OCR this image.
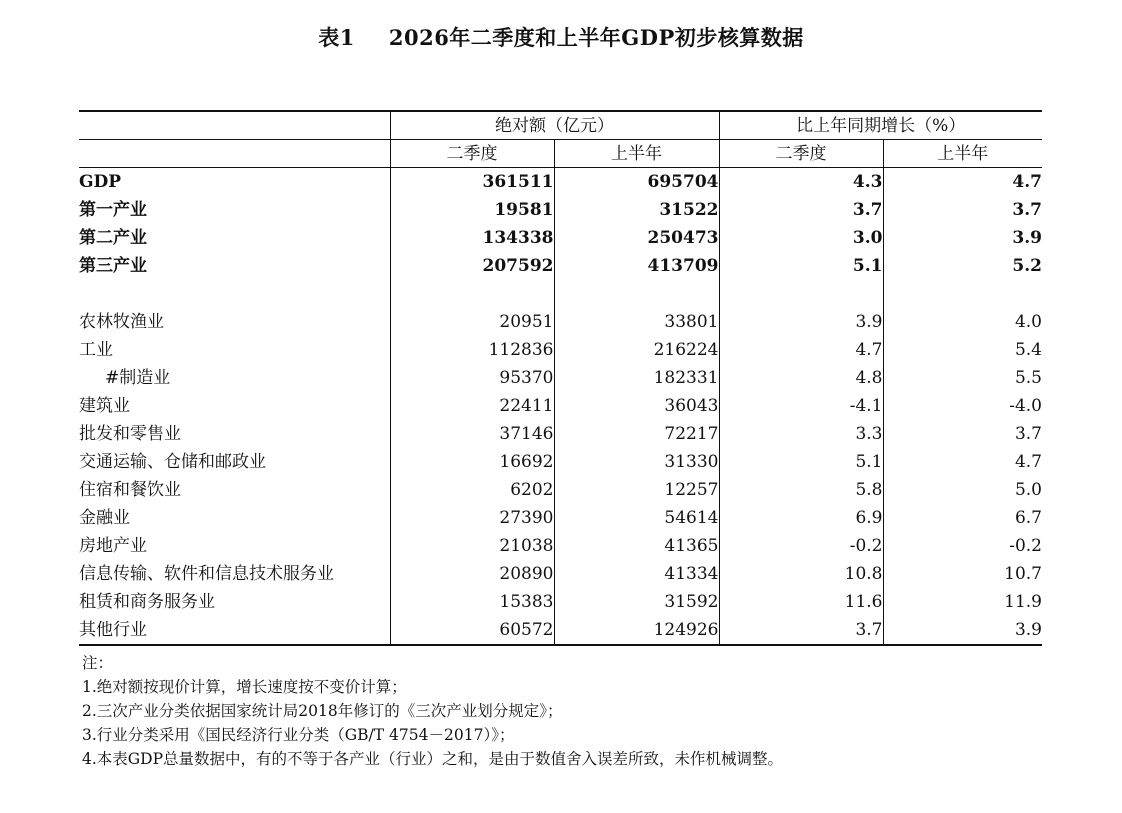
表1 2026年二季度和上半年GDP初步核算数据
	绝对额（亿元）		比上年同期增长（%）	
	二季度	上半年	二季度	上半年
GDP	361511	695704	4.3	4.7
第一产业	19581	31522	3.7	3.7
第二产业	134338	250473	3.0	3.9
第三产业	207592	413709	5.1	5.2

农林牧渔业	20951	33801	3.9	4.0
工业	112836	216224	4.7	5.4
#制造业	95370	182331	4.8	5.5
建筑业	22411	36043	-4.1	-4.0
批发和零售业	37146	72217	3.3	3.7
交通运输、仓储和邮政业	16692	31330	5.1	4.7
住宿和餐饮业	6202	12257	5.8	5.0
金融业	27390	54614	6.9	6.7
房地产业	21038	41365	-0.2	-0.2
信息传输、软件和信息技术服务业	20890	41334	10.8	10.7
租赁和商务服务业	15383	31592	11.6	11.9
其他行业	60572	124926	3.7	3.9
注：
1.绝对额按现价计算，增长速度按不变价计算；
2.三次产业分类依据国家统计局2018年修订的《三次产业划分规定》；
3.行业分类采用《国民经济行业分类（GB/T 4754－2017）》；
4.本表GDP总量数据中，有的不等于各产业（行业）之和，是由于数值舍入误差所致，未作机械调整。
